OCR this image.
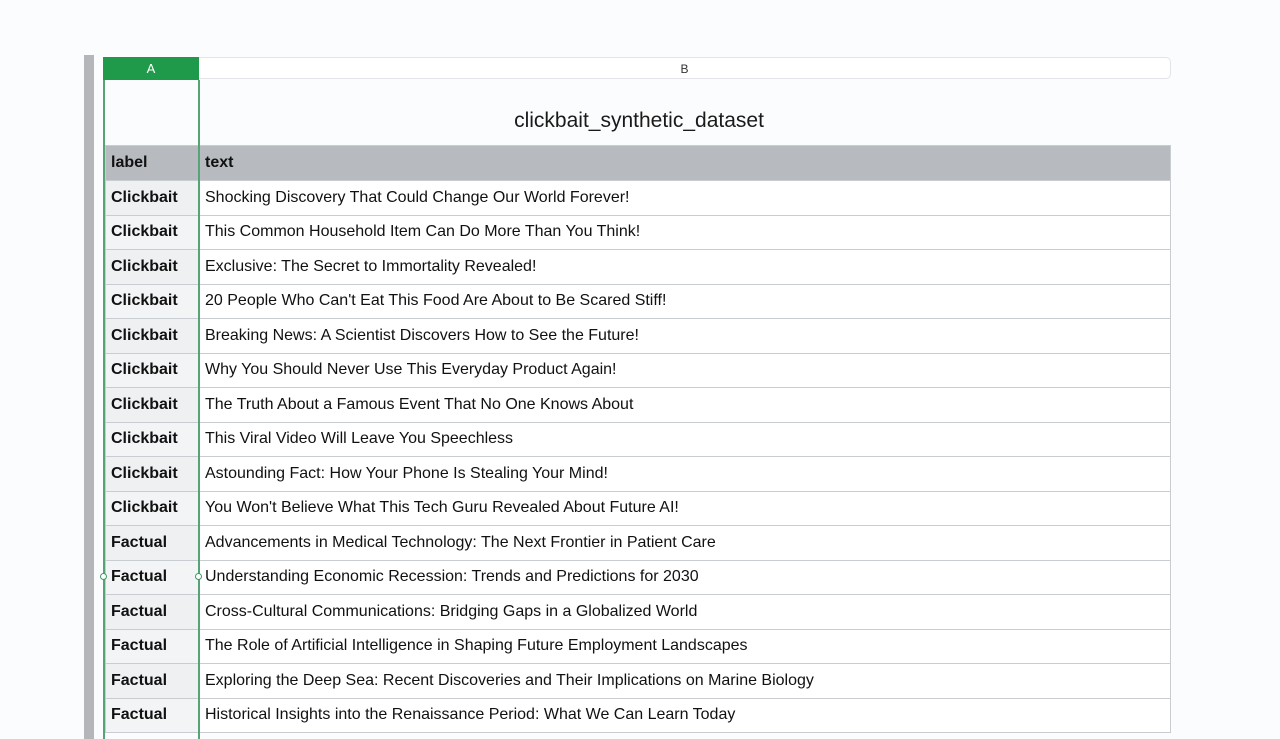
A	B
clickbait_synthetic_dataset
label	text
Clickbait	Shocking Discovery That Could Change Our World Forever!
Clickbait	This Common Household Item Can Do More Than You Think!
Clickbait	Exclusive: The Secret to Immortality Revealed!
Clickbait	20 People Who Can't Eat This Food Are About to Be Scared Stiff!
Clickbait	Breaking News: A Scientist Discovers How to See the Future!
Clickbait	Why You Should Never Use This Everyday Product Again!
Clickbait	The Truth About a Famous Event That No One Knows About
Clickbait	This Viral Video Will Leave You Speechless
Clickbait	Astounding Fact: How Your Phone Is Stealing Your Mind!
Clickbait	You Won't Believe What This Tech Guru Revealed About Future AI!
Factual	Advancements in Medical Technology: The Next Frontier in Patient Care
Factual	Understanding Economic Recession: Trends and Predictions for 2030
Factual	Cross-Cultural Communications: Bridging Gaps in a Globalized World
Factual	The Role of Artificial Intelligence in Shaping Future Employment Landscapes
Factual	Exploring the Deep Sea: Recent Discoveries and Their Implications on Marine Biology
Factual	Historical Insights into the Renaissance Period: What We Can Learn Today
